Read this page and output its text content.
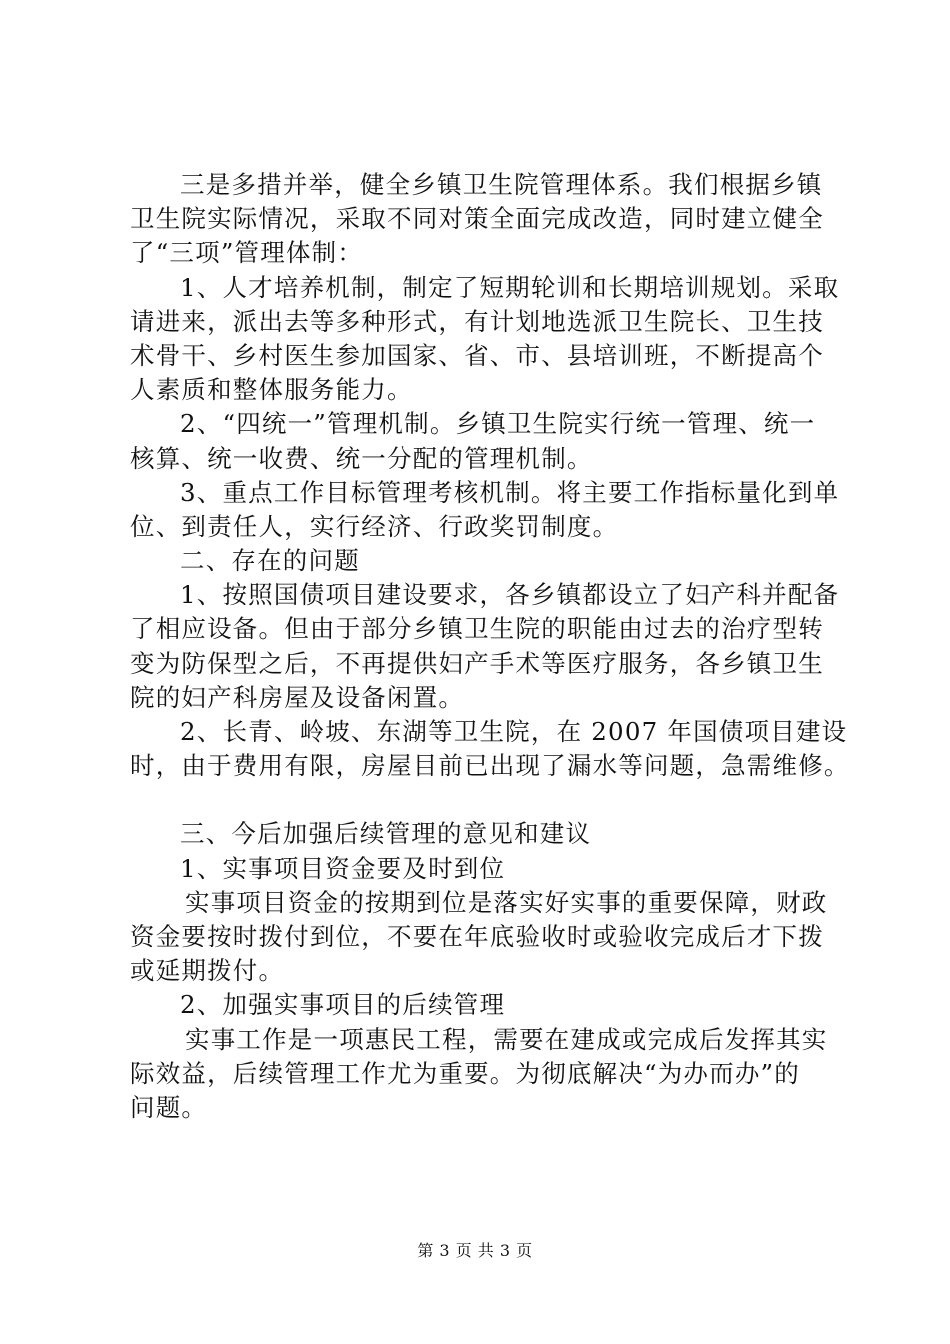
三是多措并举，健全乡镇卫生院管理体系。我们根据乡镇
卫生院实际情况，采取不同对策全面完成改造，同时建立健全
了“三项”管理体制：
1、人才培养机制，制定了短期轮训和长期培训规划。采取
请进来，派出去等多种形式，有计划地选派卫生院长、卫生技
术骨干、乡村医生参加国家、省、市、县培训班，不断提高个
人素质和整体服务能力。
2、“四统一”管理机制。乡镇卫生院实行统一管理、统一
核算、统一收费、统一分配的管理机制。
3、重点工作目标管理考核机制。将主要工作指标量化到单
位、到责任人，实行经济、行政奖罚制度。
二、存在的问题
1、按照国债项目建设要求，各乡镇都设立了妇产科并配备
了相应设备。但由于部分乡镇卫生院的职能由过去的治疗型转
变为防保型之后，不再提供妇产手术等医疗服务，各乡镇卫生
院的妇产科房屋及设备闲置。
2、长青、岭坡、东湖等卫生院，在 2007 年国债项目建设
时，由于费用有限，房屋目前已出现了漏水等问题，急需维修。
三、今后加强后续管理的意见和建议
1、实事项目资金要及时到位
实事项目资金的按期到位是落实好实事的重要保障，财政
资金要按时拨付到位，不要在年底验收时或验收完成后才下拨
或延期拨付。
2、加强实事项目的后续管理
实事工作是一项惠民工程，需要在建成或完成后发挥其实
际效益，后续管理工作尤为重要。为彻底解决“为办而办”的
问题。
第 3 页 共 3 页
